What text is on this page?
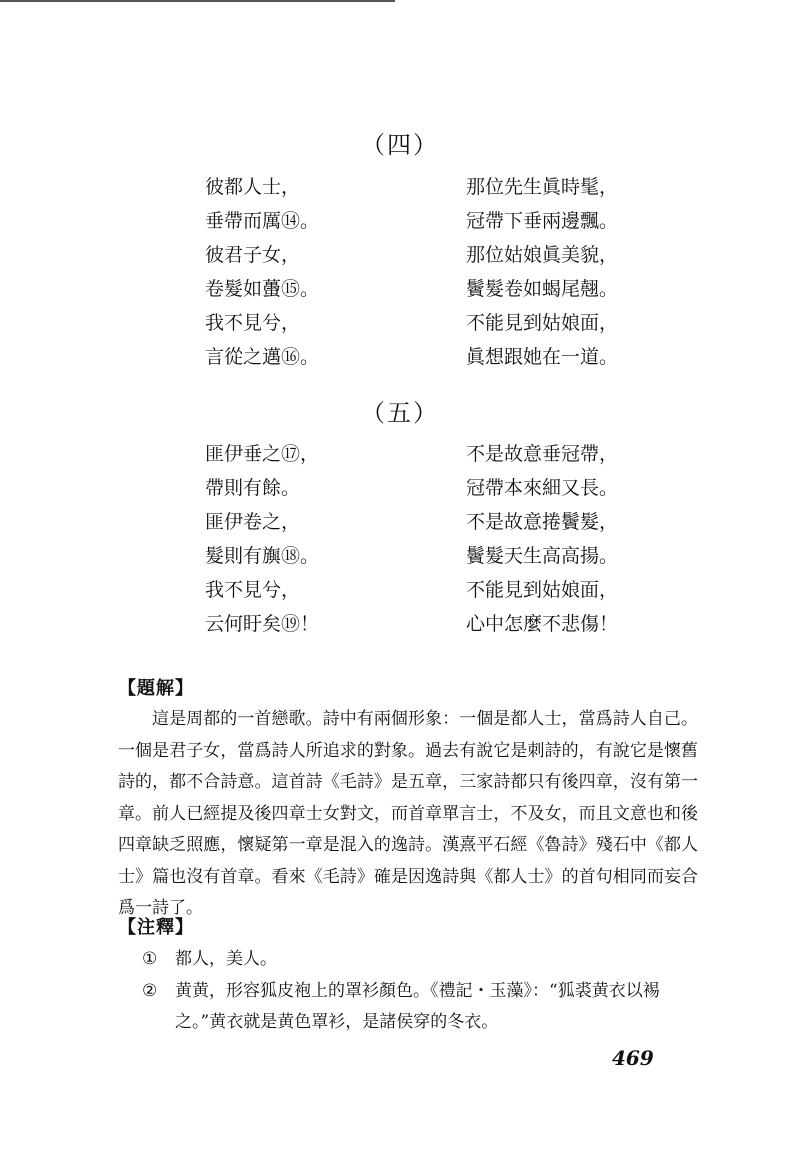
（四）
彼都人士，	那位先生眞時髦，
垂帶而厲⑭。	冠帶下垂兩邊飄。
彼君子女，	那位姑娘眞美貌，
卷髮如蠆⑮。	鬢髮卷如蝎尾翹。
我不見兮，	不能見到姑娘面，
言從之邁⑯。	眞想跟她在一道。
（五）
匪伊垂之⑰，	不是故意垂冠帶，
帶則有餘。	冠帶本來細又長。
匪伊卷之，	不是故意捲鬢髮，
髮則有旟⑱。	鬢髮天生高高揚。
我不見兮，	不能見到姑娘面，
云何盱矣⑲！	心中怎麼不悲傷！
【題解】
這是周都的一首戀歌。詩中有兩個形象：一個是都人士，當爲詩人自己。一個是君子女，當爲詩人所追求的對象。過去有說它是刺詩的，有說它是懷舊詩的，都不合詩意。這首詩《毛詩》是五章，三家詩都只有後四章，沒有第一章。前人已經提及後四章士女對文，而首章單言士，不及女，而且文意也和後四章缺乏照應，懷疑第一章是混入的逸詩。漢熹平石經《魯詩》殘石中《都人士》篇也沒有首章。看來《毛詩》確是因逸詩與《都人士》的首句相同而妄合爲一詩了。
【注釋】
①	都人，美人。
②	黄黄，形容狐皮袍上的罩衫顏色。《禮記・玉藻》：“狐裘黄衣以裼之。”黄衣就是黄色罩衫，是諸侯穿的冬衣。
469
